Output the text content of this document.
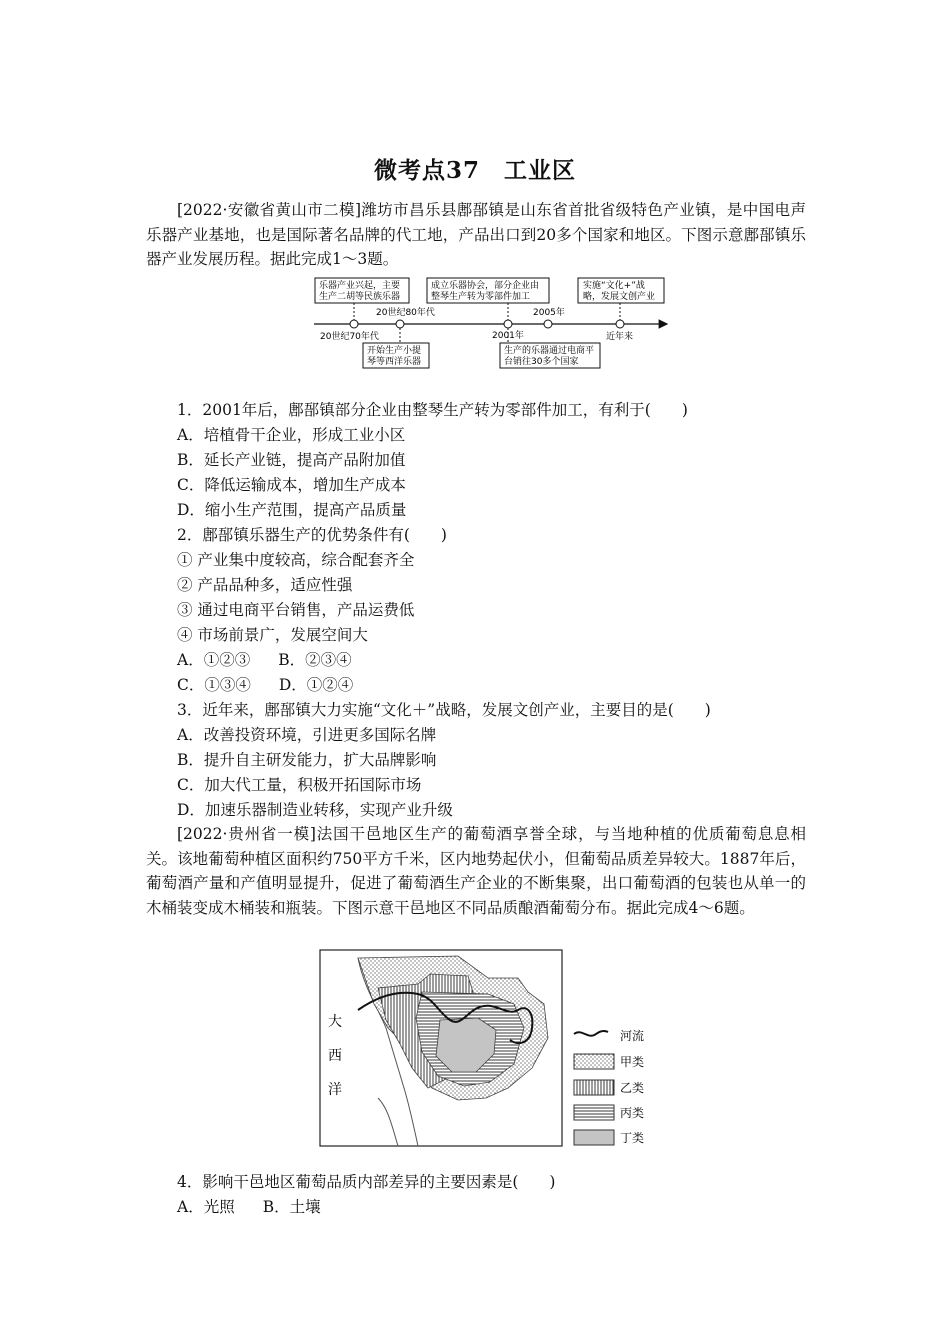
微考点37　工业区
[2022·安徽省黄山市二模]潍坊市昌乐县鄌郚镇是山东省首批省级特色产业镇，是中国电声乐器产业基地，也是国际著名品牌的代工地，产品出口到20多个国家和地区。下图示意鄌郚镇乐器产业发展历程。据此完成1～3题。
乐器产业兴起，主要
生产二胡等民族乐器
成立乐器协会，部分企业由
整琴生产转为零部件加工
实施“文化+”战
略，发展文创产业
开始生产小提
琴等西洋乐器
生产的乐器通过电商平
台销往30多个国家
20世纪70年代
20世纪80年代
2001年
2005年
近年来
1．2001年后，鄌郚镇部分企业由整琴生产转为零部件加工，有利于(　　)
A．培植骨干企业，形成工业小区
B．延长产业链，提高产品附加值
C．降低运输成本，增加生产成本
D．缩小生产范围，提高产品质量
2．鄌郚镇乐器生产的优势条件有(　　)
① 产业集中度较高，综合配套齐全
② 产品品种多，适应性强
③ 通过电商平台销售，产品运费低
④ 市场前景广，发展空间大
A．①②③ B．②③④
C．①③④ D．①②④
3．近年来，鄌郚镇大力实施“文化＋”战略，发展文创产业，主要目的是(　　)
A．改善投资环境，引进更多国际名牌
B．提升自主研发能力，扩大品牌影响
C．加大代工量，积极开拓国际市场
D．加速乐器制造业转移，实现产业升级
[2022·贵州省一模]法国干邑地区生产的葡萄酒享誉全球，与当地种植的优质葡萄息息相关。该地葡萄种植区面积约750平方千米，区内地势起伏小，但葡萄品质差异较大。1887年后，葡萄酒产量和产值明显提升，促进了葡萄酒生产企业的不断集聚，出口葡萄酒的包装也从单一的木桶装变成木桶装和瓶装。下图示意干邑地区不同品质酿酒葡萄分布。据此完成4～6题。
大
西
洋
河流
甲类
乙类
丙类
丁类
4．影响干邑地区葡萄品质内部差异的主要因素是(　　)
A．光照 B．土壤
